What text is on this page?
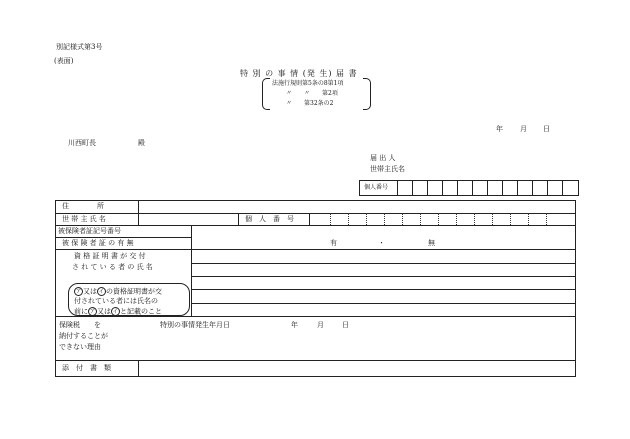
別記様式第3号
(表面)
特 別 の 事 情 (発 生) 届 書
法施行規則第5条の8第1項
〃　　〃　　第2項
〃　　第32条の2
年 月 日
川西町長	殿
届 出 人
世帯主氏名
個人番号
住　　　　所
世 帯 主 氏 名	個　人　番　号
被保険者証記号番号
被 保 険 者 証 の 有 無	有	・	無
資 格 証 明 書 が 交 付
さ れ て い る 者 の 氏 名
ア 又は イ の資格証明書が交
付されている者には氏名の
前に ア 又は イ と記載のこと
保険税　　を
納付することが
できない理由
特別の事情発生年月日	年	月	日
添　付　書　類
